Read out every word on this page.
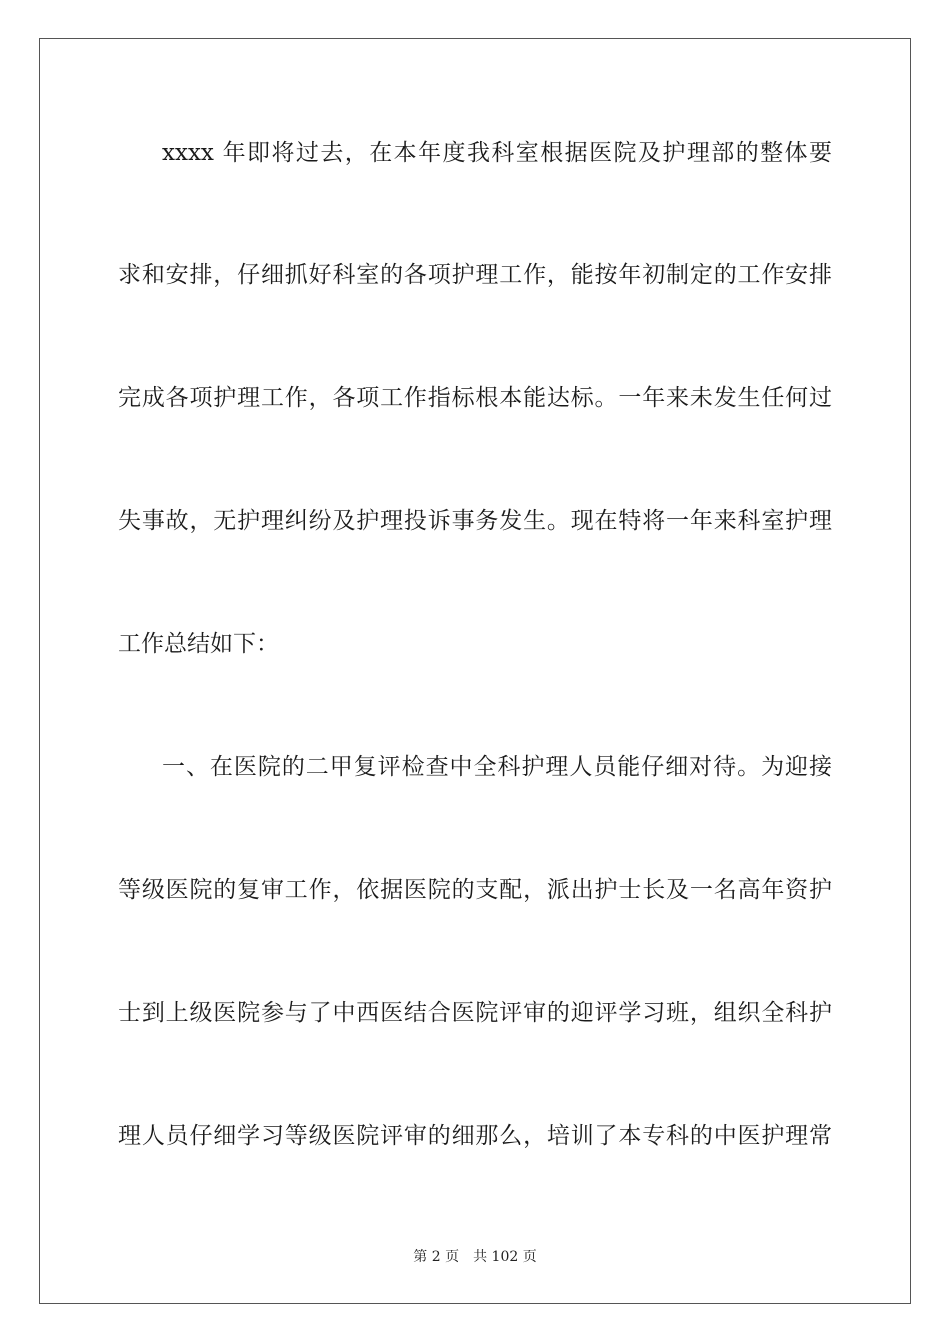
xxxx 年即将过去，在本年度我科室根据医院及护理部的整体要
求和安排，仔细抓好科室的各项护理工作，能按年初制定的工作安排
完成各项护理工作，各项工作指标根本能达标。一年来未发生任何过
失事故，无护理纠纷及护理投诉事务发生。现在特将一年来科室护理
工作总结如下：
一、在医院的二甲复评检查中全科护理人员能仔细对待。为迎接
等级医院的复审工作，依据医院的支配，派出护士长及一名高年资护
士到上级医院参与了中西医结合医院评审的迎评学习班，组织全科护
理人员仔细学习等级医院评审的细那么，培训了本专科的中医护理常
第 2 页 共 102 页
